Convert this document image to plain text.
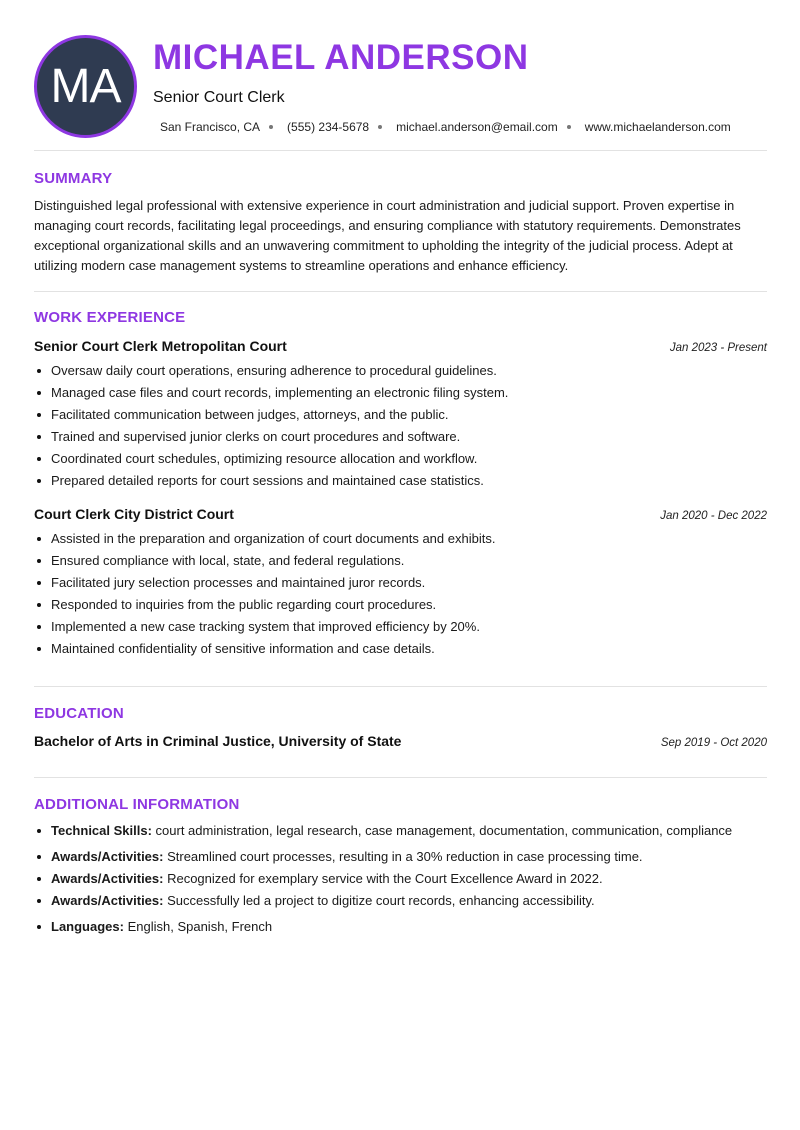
MA
MICHAEL ANDERSON
Senior Court Clerk
San Francisco, CA (555) 234-5678 michael.anderson@email.com www.michaelanderson.com
SUMMARY
Distinguished legal professional with extensive experience in court administration and judicial support. Proven expertise in managing court records, facilitating legal proceedings, and ensuring compliance with statutory requirements. Demonstrates exceptional organizational skills and an unwavering commitment to upholding the integrity of the judicial process. Adept at utilizing modern case management systems to streamline operations and enhance efficiency.
WORK EXPERIENCE
Senior Court Clerk Metropolitan Court	Jan 2023 - Present
Oversaw daily court operations, ensuring adherence to procedural guidelines.
Managed case files and court records, implementing an electronic filing system.
Facilitated communication between judges, attorneys, and the public.
Trained and supervised junior clerks on court procedures and software.
Coordinated court schedules, optimizing resource allocation and workflow.
Prepared detailed reports for court sessions and maintained case statistics.
Court Clerk City District Court	Jan 2020 - Dec 2022
Assisted in the preparation and organization of court documents and exhibits.
Ensured compliance with local, state, and federal regulations.
Facilitated jury selection processes and maintained juror records.
Responded to inquiries from the public regarding court procedures.
Implemented a new case tracking system that improved efficiency by 20%.
Maintained confidentiality of sensitive information and case details.
EDUCATION
Bachelor of Arts in Criminal Justice, University of State	Sep 2019 - Oct 2020
ADDITIONAL INFORMATION
Technical Skills: court administration, legal research, case management, documentation, communication, compliance
Awards/Activities: Streamlined court processes, resulting in a 30% reduction in case processing time.
Awards/Activities: Recognized for exemplary service with the Court Excellence Award in 2022.
Awards/Activities: Successfully led a project to digitize court records, enhancing accessibility.
Languages: English, Spanish, French
